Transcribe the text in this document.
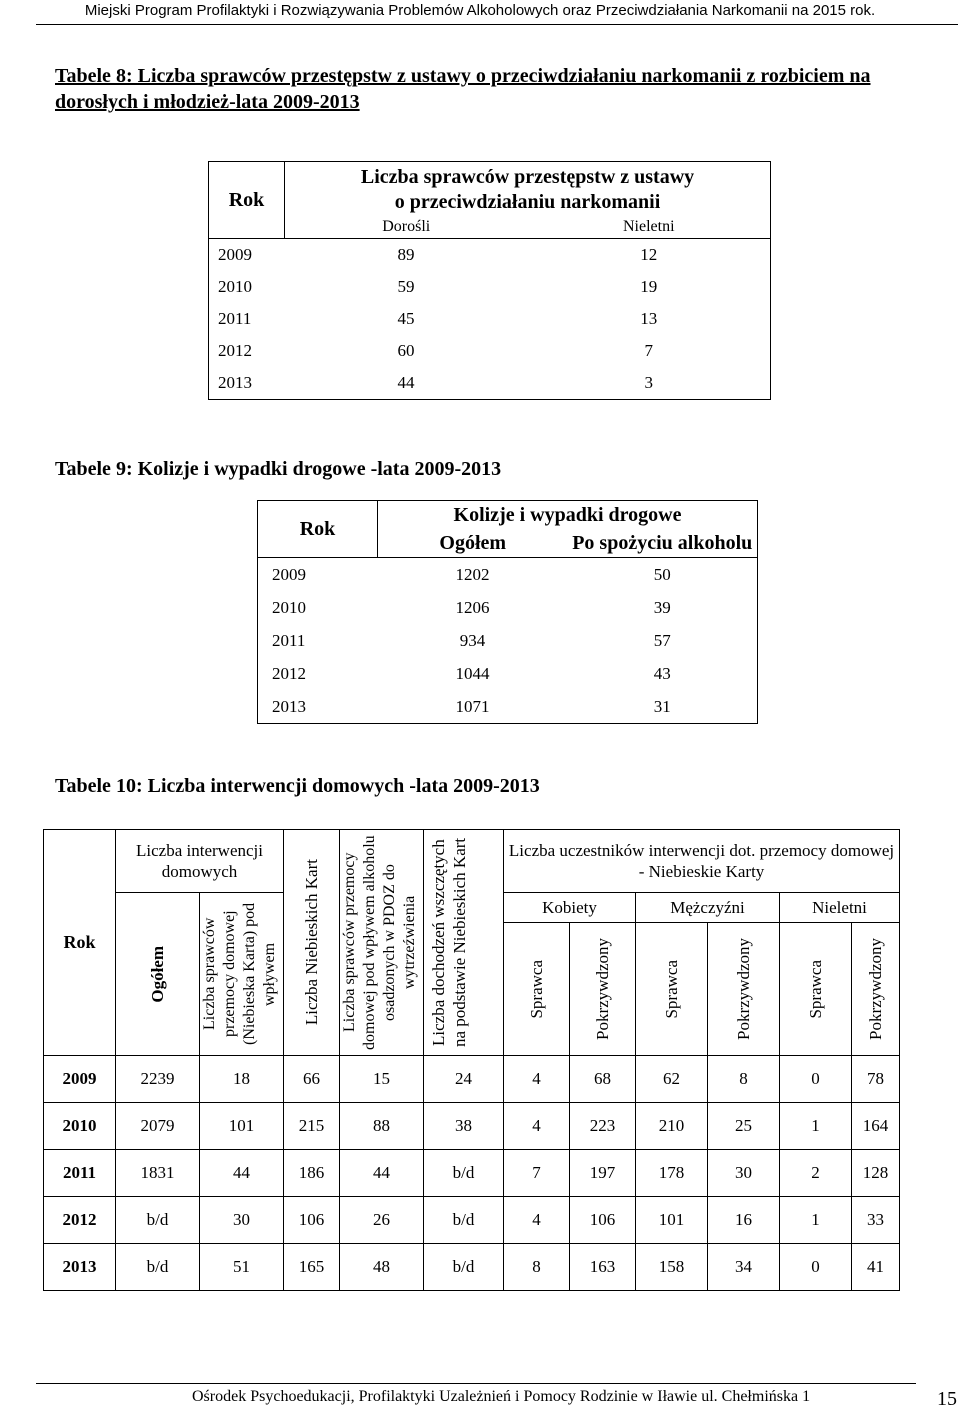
Miejski Program Profilaktyki i Rozwiązywania Problemów Alkoholowych oraz Przeciwdziałania Narkomanii na 2015 rok.
Tabele 8: Liczba sprawców przestępstw z ustawy o przeciwdziałaniu narkomanii z rozbiciem na dorosłych i młodzież-lata 2009-2013
Rok	Liczba sprawców przestępstw z ustawy
o przeciwdziałaniu narkomanii	

	Dorośli	Nieletni
2009	89	12
2010	59	19
2011	45	13
2012	60	7
2013	44	3
Tabele 9: Kolizje i wypadki drogowe -lata 2009-2013
Rok	Kolizje i wypadki drogowe	
	Ogółem	Po spożyciu alkoholu
2009	1202	50
2010	1206	39
2011	934	57
2012	1044	43
2013	1071	31
Tabele 10: Liczba interwencji domowych -lata 2009-2013
Rok	Liczba interwencji domowych		Liczba Niebieskich Kart	Liczba sprawców przemocy domowej pod wpływem alkoholu osadzonych w PDOZ do wytrzeźwienia	Liczba dochodzeń wszczętych na podstawie Niebieskich Kart	Liczba uczestników interwencji dot. przemocy domowej - Niebieskie Karty					

	Ogółem	Liczba sprawców przemocy domowej (Niebieska Karta) pod wpływem				Kobiety		Mężczyźni		Nieletni	

						Sprawca	Pokrzywdzony	Sprawca	Pokrzywdzony	Sprawca	Pokrzywdzony

2009	2239	18	66	15	24	4	68	62	8	0	78
2010	2079	101	215	88	38	4	223	210	25	1	164
2011	1831	44	186	44	b/d	7	197	178	30	2	128
2012	b/d	30	106	26	b/d	4	106	101	16	1	33
2013	b/d	51	165	48	b/d	8	163	158	34	0	41
Ośrodek Psychoedukacji, Profilaktyki Uzależnień i Pomocy Rodzinie w Iławie ul. Chełmińska 1	15
